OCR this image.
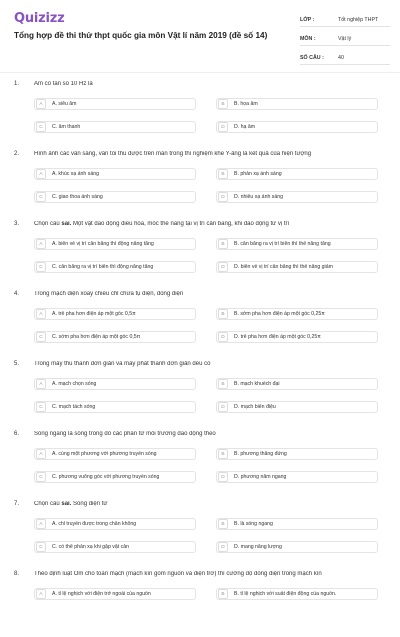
Quizizz
Tổng hợp đề thi thử thpt quốc gia môn Vật lí năm 2019 (đề số 14)
LỚP :	Tốt nghiệp THPT
MÔN :	Vật lý
SỐ CÂU :	40
1. Âm có tần số 10 Hz là
A	A. siêu âm	B	B. họa âm
C	C. âm thanh	D	D. hạ âm
2. Hình ảnh các vân sáng, vân tối thu được trên màn trong thí nghiệm khe Y-âng là kết quả của hiện tượng
A	A. khúc xạ ánh sáng	B	B. phản xạ ánh sáng
C	C. giao thoa ánh sáng	D	D. nhiễu xạ ánh sáng
3. Chọn câu sai. Một vật dao động điều hòa, mốc thế năng tại vị trí cân bằng, khi dao động từ vị trí
A	A. biên về vị trí cân bằng thì động năng tăng	B	B. cân bằng ra vị trí biên thì thế năng tăng
C	C. cân bằng ra vị trí biên thì động năng tăng	D	D. biên về vị trí cân bằng thì thế năng giảm
4. Trong mạch điện xoay chiều chỉ chứa tụ điện, dòng điện
A	A. trễ pha hơn điện áp một góc 0,5π	B	B. sớm pha hơn điện áp một góc 0,25π
C	C. sớm pha hơn điện áp một góc 0,5π	D	D. trễ pha hơn điện áp một góc 0,25π
5. Trong máy thu thanh đơn giản và máy phát thanh đơn giản đều có
A	A. mạch chọn sóng	B	B. mạch khuếch đại
C	C. mạch tách sóng	D	D. mạch biến điệu
6. Sóng ngang là sóng trong đó các phần tử môi trường dao động theo
A	A. cùng một phương với phương truyền sóng	B	B. phương thẳng đứng
C	C. phương vuông góc với phương truyền sóng	D	D. phương nằm ngang
7. Chọn câu sai. Sóng điện từ
A	A. chỉ truyền được trong chân không	B	B. là sóng ngang
C	C. có thể phản xạ khi gặp vật cản	D	D. mang năng lượng
8. Theo định luật Ôm cho toàn mạch (mạch kín gồm nguồn và điện trở) thì cường độ dòng điện trong mạch kín
A	A. tỉ lệ nghịch với điện trở ngoài của nguồn	B	B. tỉ lệ nghịch với suất điện động của nguồn.
